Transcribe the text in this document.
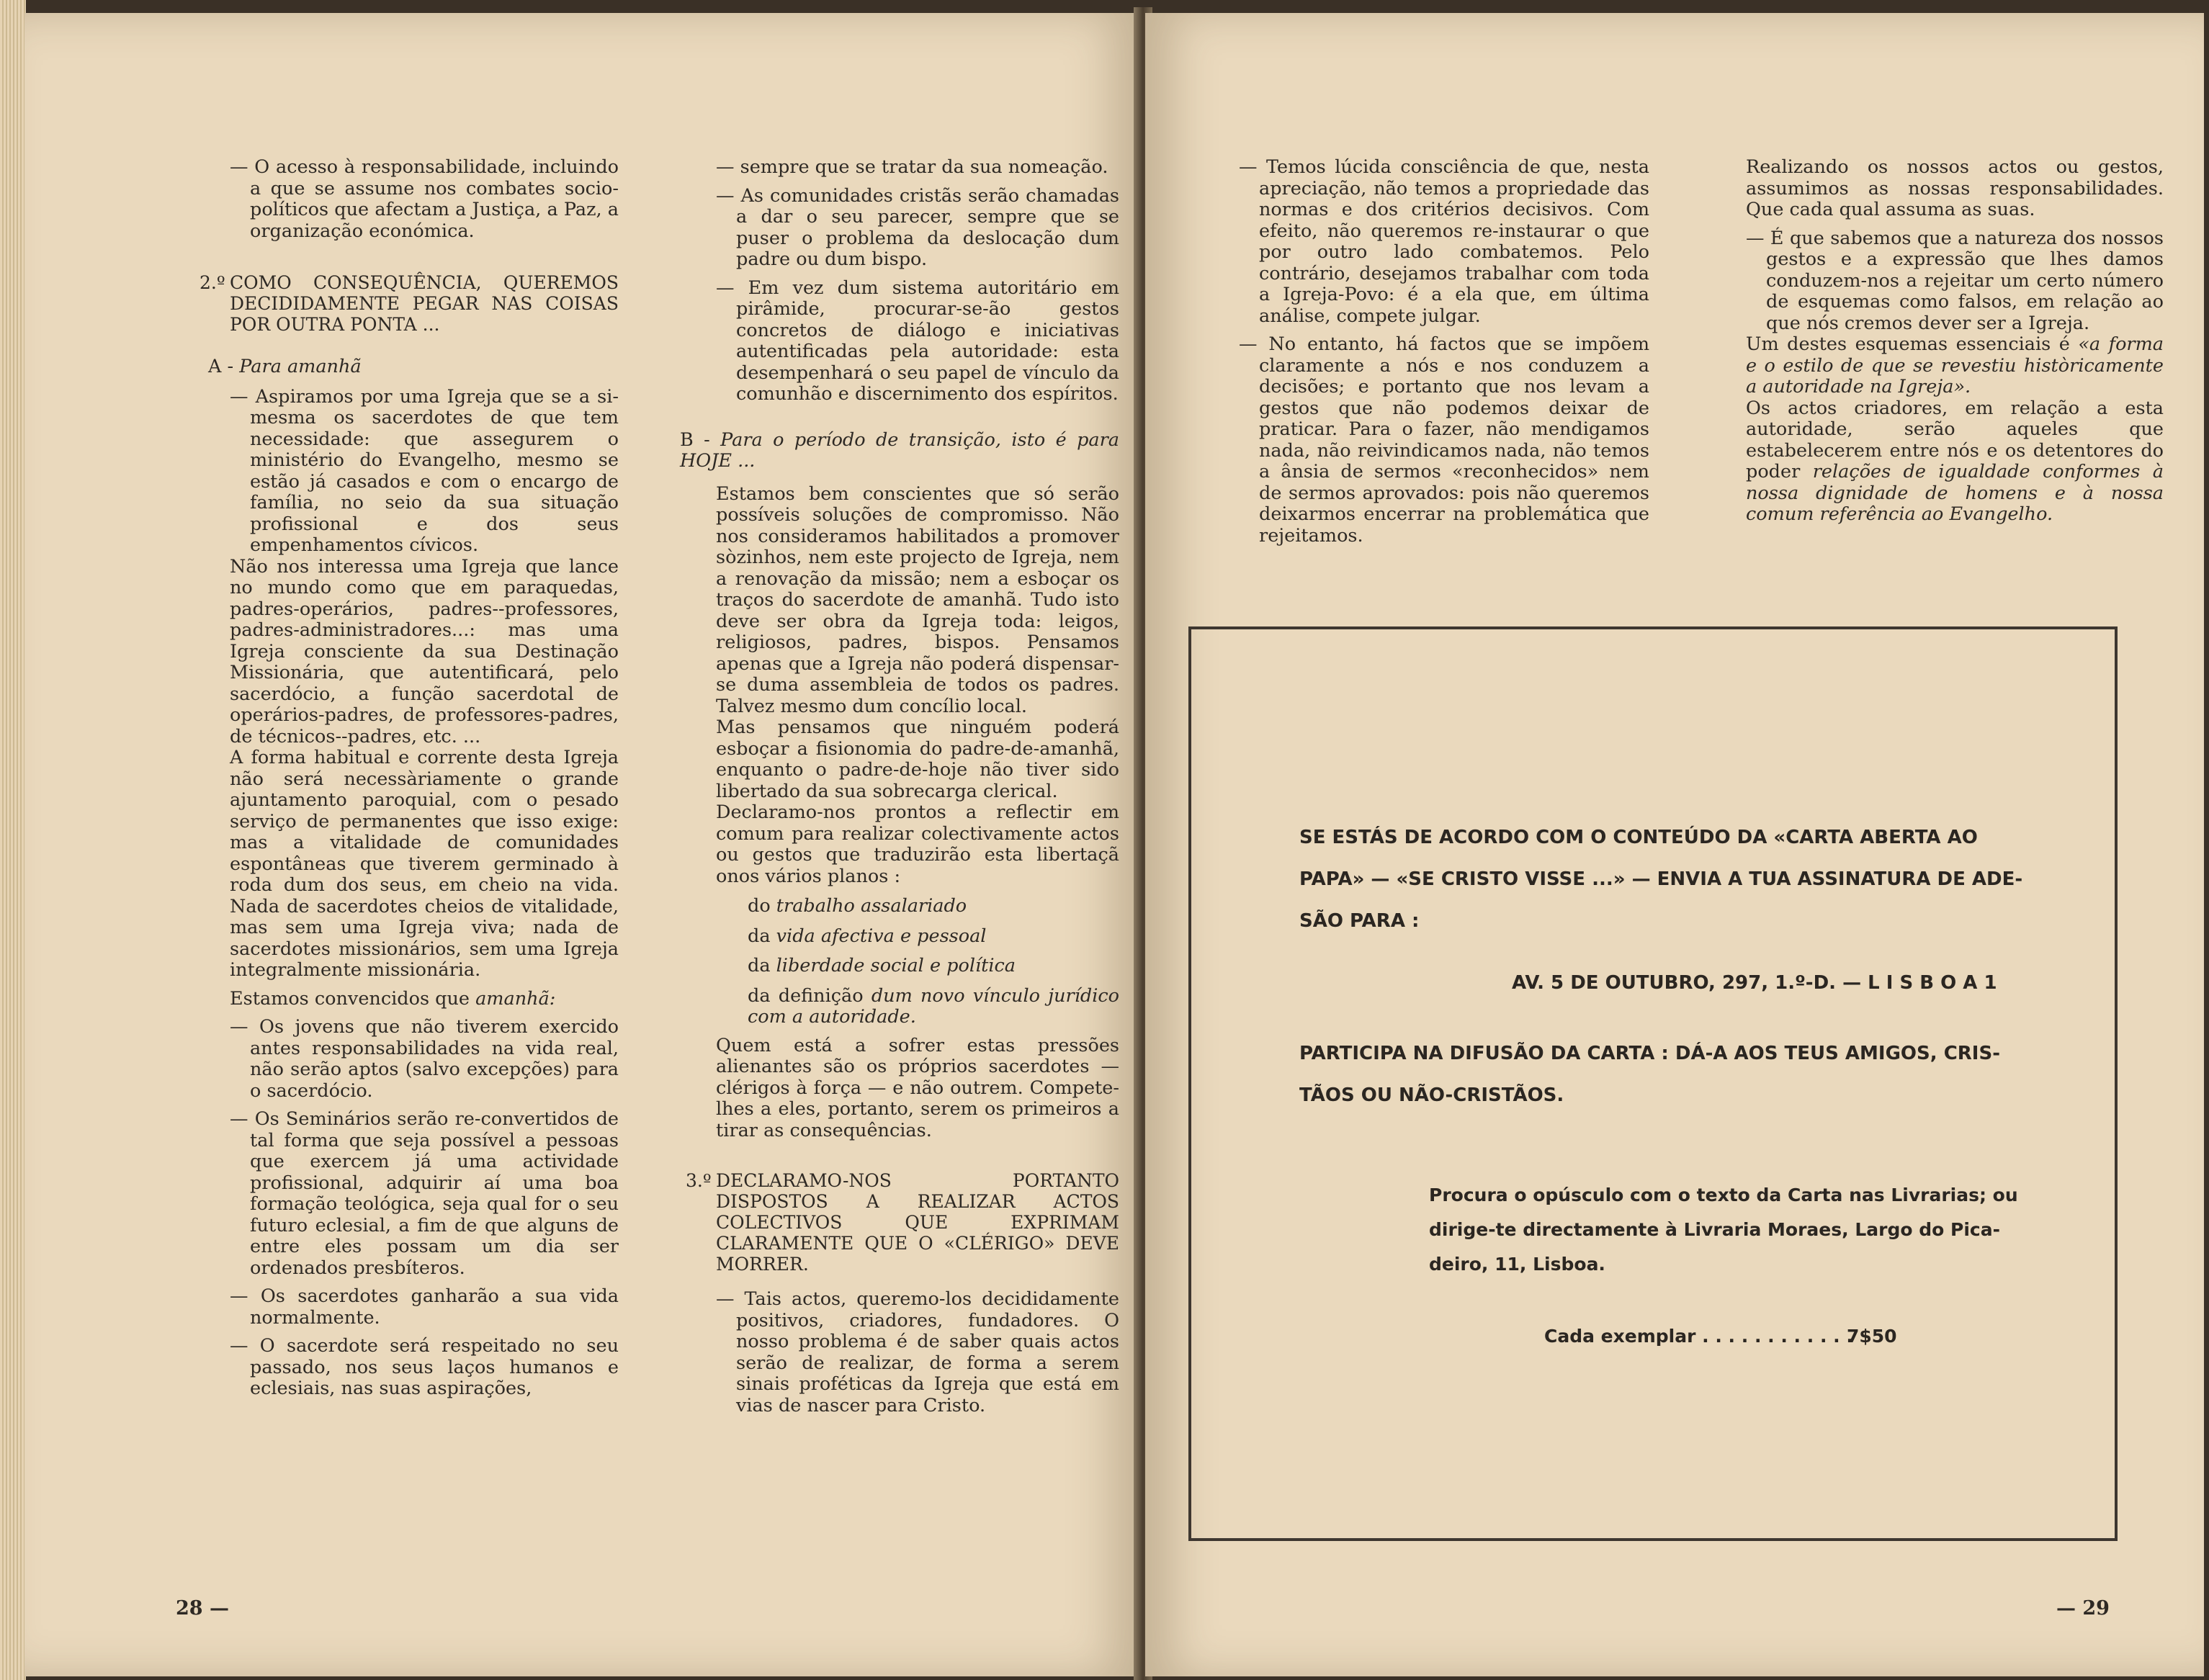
— O acesso à responsabilidade, incluindo a que se assume nos combates socio-políticos que afectam a Justiça, a Paz, a organização económica.

2.º COMO CONSEQUÊNCIA, QUEREMOS DECIDIDAMENTE PEGAR NAS COISAS POR OUTRA PONTA ...

A - Para amanhã

— Aspiramos por uma Igreja que se a si-mesma os sacerdotes de que tem necessidade: que assegurem o ministério do Evangelho, mesmo se estão já casados e com o encargo de família, no seio da sua situação profissional e dos seus empenhamentos cívicos.

Não nos interessa uma Igreja que lance no mundo como que em paraquedas, padres-operários, padres--professores, padres-administradores...: mas uma Igreja consciente da sua Destinação Missionária, que autentificará, pelo sacerdócio, a função sacerdotal de operários-padres, de professores-padres, de técnicos--padres, etc. ...

A forma habitual e corrente desta Igreja não será necessàriamente o grande ajuntamento paroquial, com o pesado serviço de permanentes que isso exige: mas a vitalidade de comunidades espontâneas que tiverem germinado à roda dum dos seus, em cheio na vida. Nada de sacerdotes cheios de vitalidade, mas sem uma Igreja viva; nada de sacerdotes missionários, sem uma Igreja integralmente missionária.

Estamos convencidos que amanhã:

— Os jovens que não tiverem exercido antes responsabilidades na vida real, não serão aptos (salvo excepções) para o sacerdócio.

— Os Seminários serão re-convertidos de tal forma que seja possível a pessoas que exercem já uma actividade profissional, adquirir aí uma boa formação teológica, seja qual for o seu futuro eclesial, a fim de que alguns de entre eles possam um dia ser ordenados presbíteros.

— Os sacerdotes ganharão a sua vida normalmente.

— O sacerdote será respeitado no seu passado, nos seus laços humanos e eclesiais, nas suas aspirações,

— sempre que se tratar da sua nomeação.

— As comunidades cristãs serão chamadas a dar o seu parecer, sempre que se puser o problema da deslocação dum padre ou dum bispo.

— Em vez dum sistema autoritário em pirâmide, procurar-se-ão gestos concretos de diálogo e iniciativas autentificadas pela autoridade: esta desempenhará o seu papel de vínculo da comunhão e discernimento dos espíritos.

B - Para o período de transição, isto é para HOJE ...

Estamos bem conscientes que só serão possíveis soluções de compromisso. Não nos consideramos habilitados a promover sòzinhos, nem este projecto de Igreja, nem a renovação da missão; nem a esboçar os traços do sacerdote de amanhã. Tudo isto deve ser obra da Igreja toda: leigos, religiosos, padres, bispos. Pensamos apenas que a Igreja não poderá dispensar-se duma assembleia de todos os padres. Talvez mesmo dum concílio local.

Mas pensamos que ninguém poderá esboçar a fisionomia do padre-de-amanhã, enquanto o padre-de-hoje não tiver sido libertado da sua sobrecarga clerical.

Declaramo-nos prontos a reflectir em comum para realizar colectivamente actos ou gestos que traduzirão esta libertaçã onos vários planos :

do trabalho assalariado

da vida afectiva e pessoal

da liberdade social e política

da definição dum novo vínculo jurídico com a autoridade.

Quem está a sofrer estas pressões alienantes são os próprios sacerdotes — clérigos à força — e não outrem. Compete-lhes a eles, portanto, serem os primeiros a tirar as consequências.

3.º DECLARAMO-NOS PORTANTO DISPOSTOS A REALIZAR ACTOS COLECTIVOS QUE EXPRIMAM CLARAMENTE QUE O «CLÉRIGO» DEVE MORRER.

— Tais actos, queremo-los decididamente positivos, criadores, fundadores. O nosso problema é de saber quais actos serão de realizar, de forma a serem sinais proféticas da Igreja que está em vias de nascer para Cristo.

28 —

— Temos lúcida consciência de que, nesta apreciação, não temos a propriedade das normas e dos critérios decisivos. Com efeito, não queremos re-instaurar o que por outro lado combatemos. Pelo contrário, desejamos trabalhar com toda a Igreja-Povo: é a ela que, em última análise, compete julgar.

— No entanto, há factos que se impõem claramente a nós e nos conduzem a decisões; e portanto que nos levam a gestos que não podemos deixar de praticar. Para o fazer, não mendigamos nada, não reivindicamos nada, não temos a ânsia de sermos «reconhecidos» nem de sermos aprovados: pois não queremos deixarmos encerrar na problemática que rejeitamos.

Realizando os nossos actos ou gestos, assumimos as nossas responsabilidades. Que cada qual assuma as suas.

— É que sabemos que a natureza dos nossos gestos e a expressão que lhes damos conduzem-nos a rejeitar um certo número de esquemas como falsos, em relação ao que nós cremos dever ser a Igreja.

Um destes esquemas essenciais é «a forma e o estilo de que se revestiu històricamente a autoridade na Igreja».

Os actos criadores, em relação a esta autoridade, serão aqueles que estabelecerem entre nós e os detentores do poder relações de igualdade conformes à nossa dignidade de homens e à nossa comum referência ao Evangelho.

— 29
SE ESTÁS DE ACORDO COM O CONTEÚDO DA «CARTA ABERTA AO
PAPA» — «SE CRISTO VISSE ...» — ENVIA A TUA ASSINATURA DE ADE-
SÃO PARA :
AV. 5 DE OUTUBRO, 297, 1.º-D. — L I S B O A 1
PARTICIPA NA DIFUSÃO DA CARTA : DÁ-A AOS TEUS AMIGOS, CRIS-
TÃOS OU NÃO-CRISTÃOS.
Procura o opúsculo com o texto da Carta nas Livrarias; ou
dirige-te directamente à Livraria Moraes, Largo do Pica-
deiro, 11, Lisboa.
Cada exemplar . . . . . . . . . . . .
7$50
